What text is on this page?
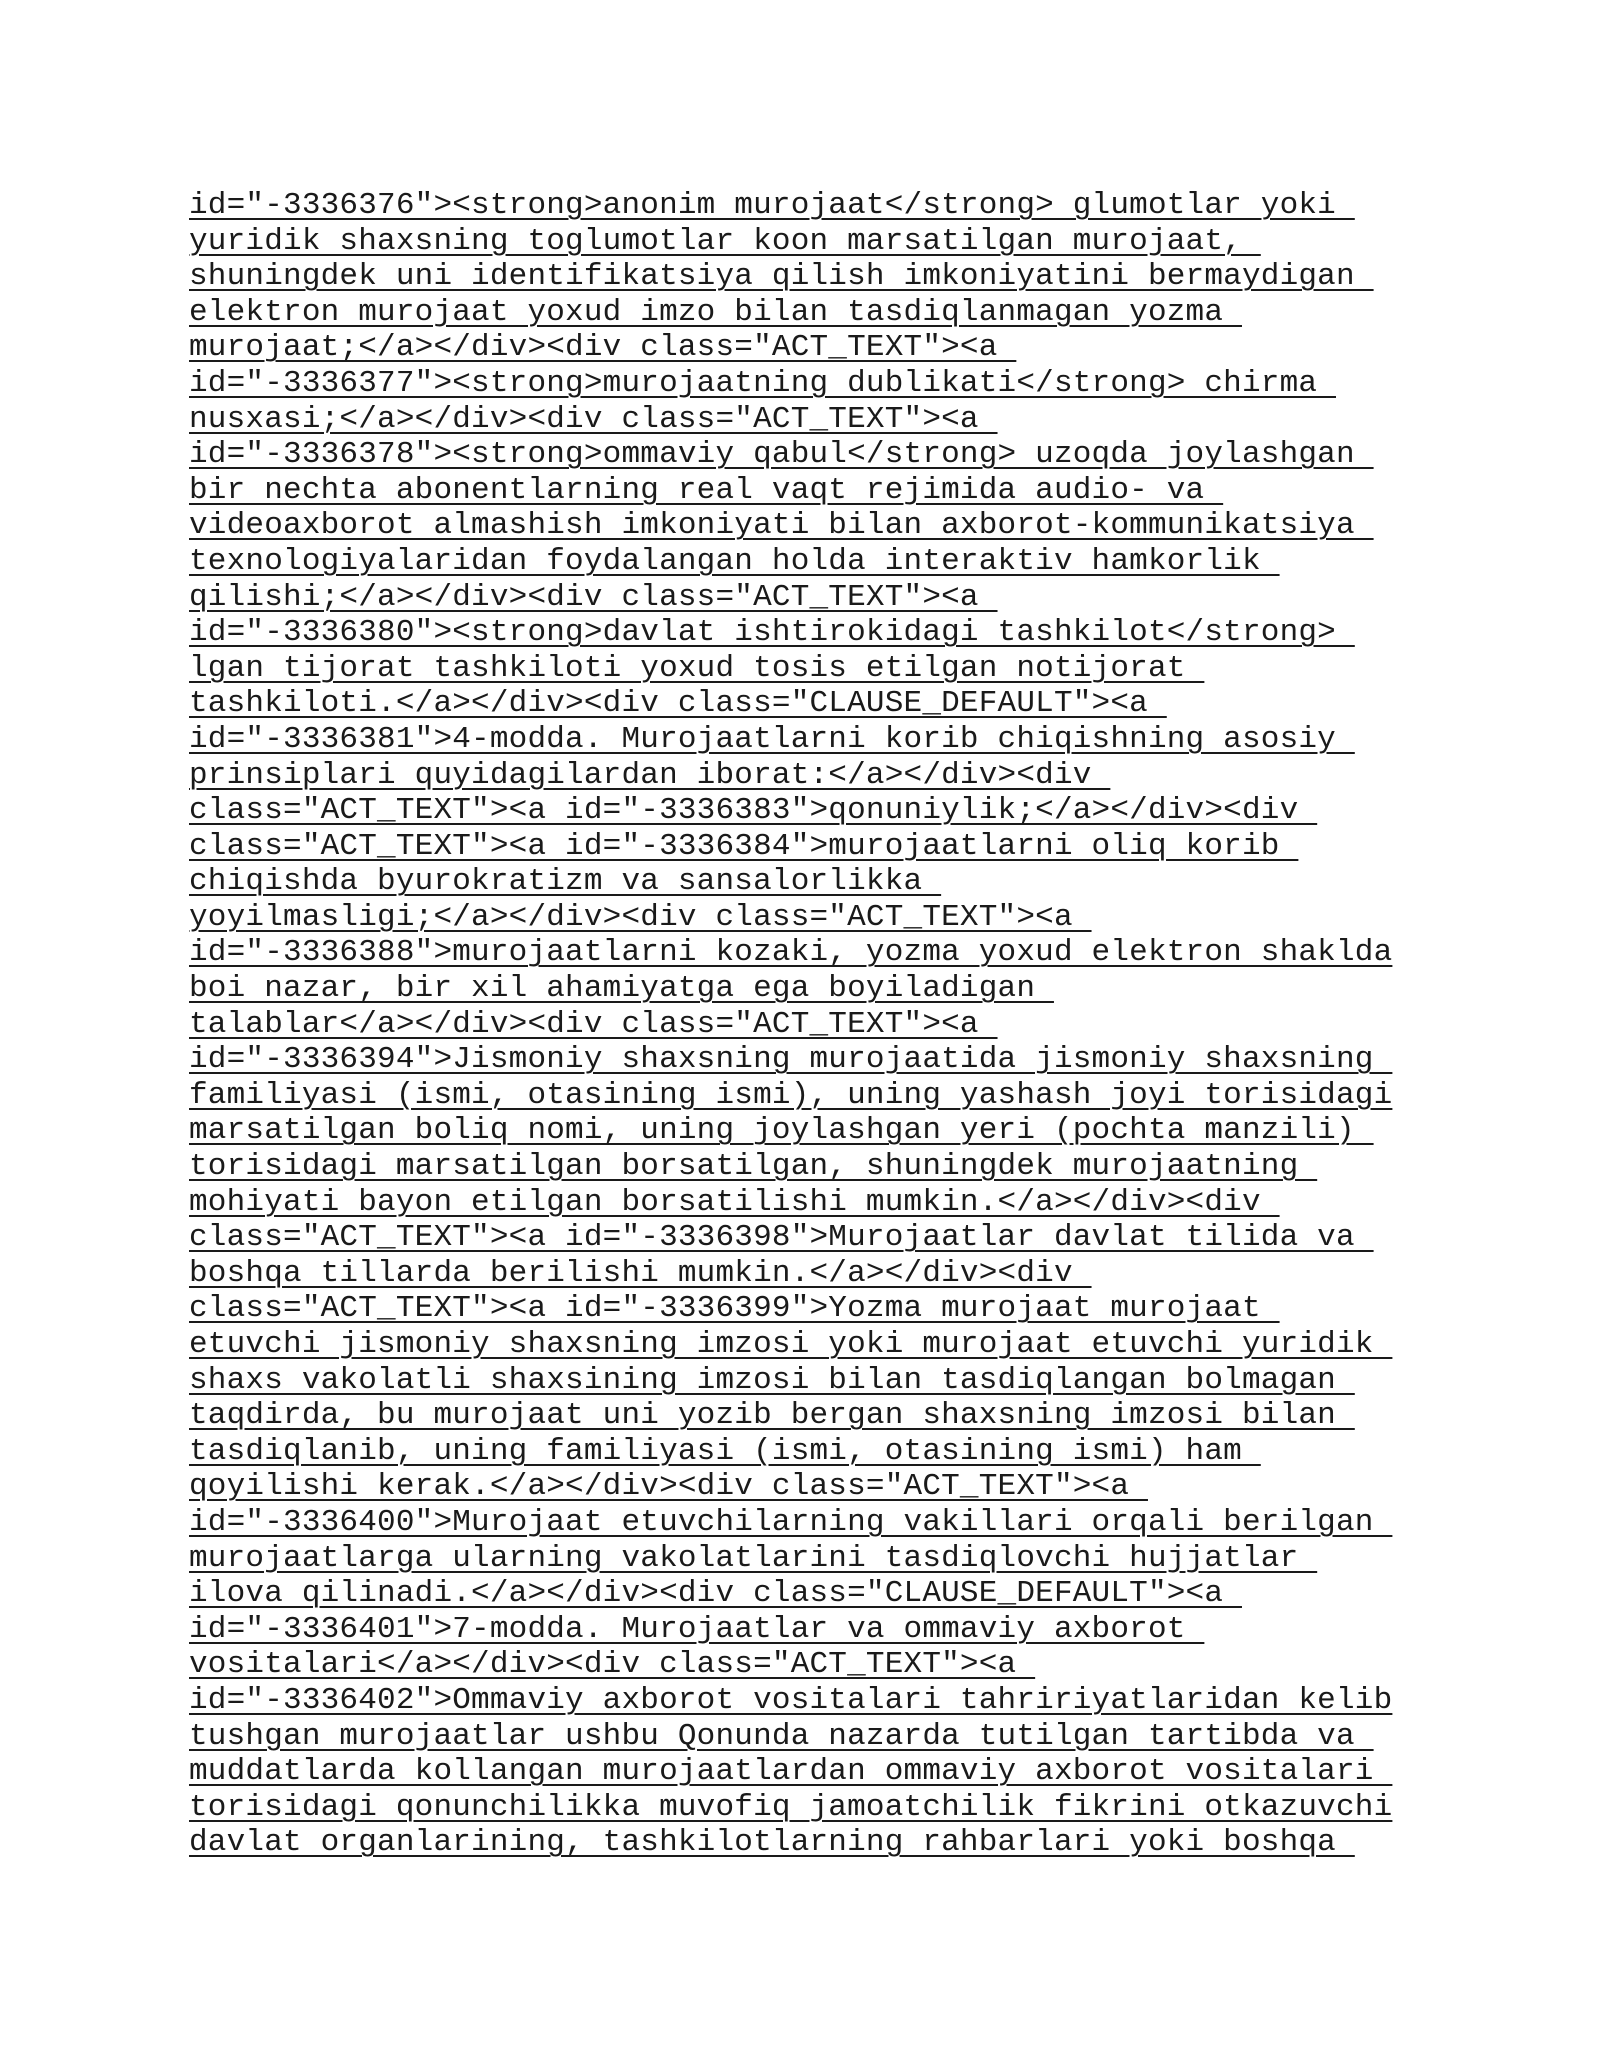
id="-3336376"><strong>anonim murojaat</strong> glumotlar yoki
yuridik shaxsning toglumotlar koon marsatilgan murojaat,
shuningdek uni identifikatsiya qilish imkoniyatini bermaydigan
elektron murojaat yoxud imzo bilan tasdiqlanmagan yozma
murojaat;</a></div><div class="ACT_TEXT"><a
id="-3336377"><strong>murojaatning dublikati</strong> chirma
nusxasi;</a></div><div class="ACT_TEXT"><a
id="-3336378"><strong>ommaviy qabul</strong> uzoqda joylashgan
bir nechta abonentlarning real vaqt rejimida audio- va
videoaxborot almashish imkoniyati bilan axborot-kommunikatsiya
texnologiyalaridan foydalangan holda interaktiv hamkorlik
qilishi;</a></div><div class="ACT_TEXT"><a
id="-3336380"><strong>davlat ishtirokidagi tashkilot</strong>
lgan tijorat tashkiloti yoxud tosis etilgan notijorat
tashkiloti.</a></div><div class="CLAUSE_DEFAULT"><a
id="-3336381">4-modda. Murojaatlarni korib chiqishning asosiy
prinsiplari quyidagilardan iborat:</a></div><div
class="ACT_TEXT"><a id="-3336383">qonuniylik;</a></div><div
class="ACT_TEXT"><a id="-3336384">murojaatlarni oliq korib
chiqishda byurokratizm va sansalorlikka
yoyilmasligi;</a></div><div class="ACT_TEXT"><a
id="-3336388">murojaatlarni kozaki, yozma yoxud elektron shaklda
boi nazar, bir xil ahamiyatga ega boyiladigan
talablar</a></div><div class="ACT_TEXT"><a
id="-3336394">Jismoniy shaxsning murojaatida jismoniy shaxsning
familiyasi (ismi, otasining ismi), uning yashash joyi torisidagi
marsatilgan boliq nomi, uning joylashgan yeri (pochta manzili)
torisidagi marsatilgan borsatilgan, shuningdek murojaatning
mohiyati bayon etilgan borsatilishi mumkin.</a></div><div
class="ACT_TEXT"><a id="-3336398">Murojaatlar davlat tilida va
boshqa tillarda berilishi mumkin.</a></div><div
class="ACT_TEXT"><a id="-3336399">Yozma murojaat murojaat
etuvchi jismoniy shaxsning imzosi yoki murojaat etuvchi yuridik
shaxs vakolatli shaxsining imzosi bilan tasdiqlangan bolmagan
taqdirda, bu murojaat uni yozib bergan shaxsning imzosi bilan
tasdiqlanib, uning familiyasi (ismi, otasining ismi) ham
qoyilishi kerak.</a></div><div class="ACT_TEXT"><a
id="-3336400">Murojaat etuvchilarning vakillari orqali berilgan
murojaatlarga ularning vakolatlarini tasdiqlovchi hujjatlar
ilova qilinadi.</a></div><div class="CLAUSE_DEFAULT"><a
id="-3336401">7-modda. Murojaatlar va ommaviy axborot
vositalari</a></div><div class="ACT_TEXT"><a
id="-3336402">Ommaviy axborot vositalari tahririyatlaridan kelib
tushgan murojaatlar ushbu Qonunda nazarda tutilgan tartibda va
muddatlarda kollangan murojaatlardan ommaviy axborot vositalari
torisidagi qonunchilikka muvofiq jamoatchilik fikrini otkazuvchi
davlat organlarining, tashkilotlarning rahbarlari yoki boshqa
